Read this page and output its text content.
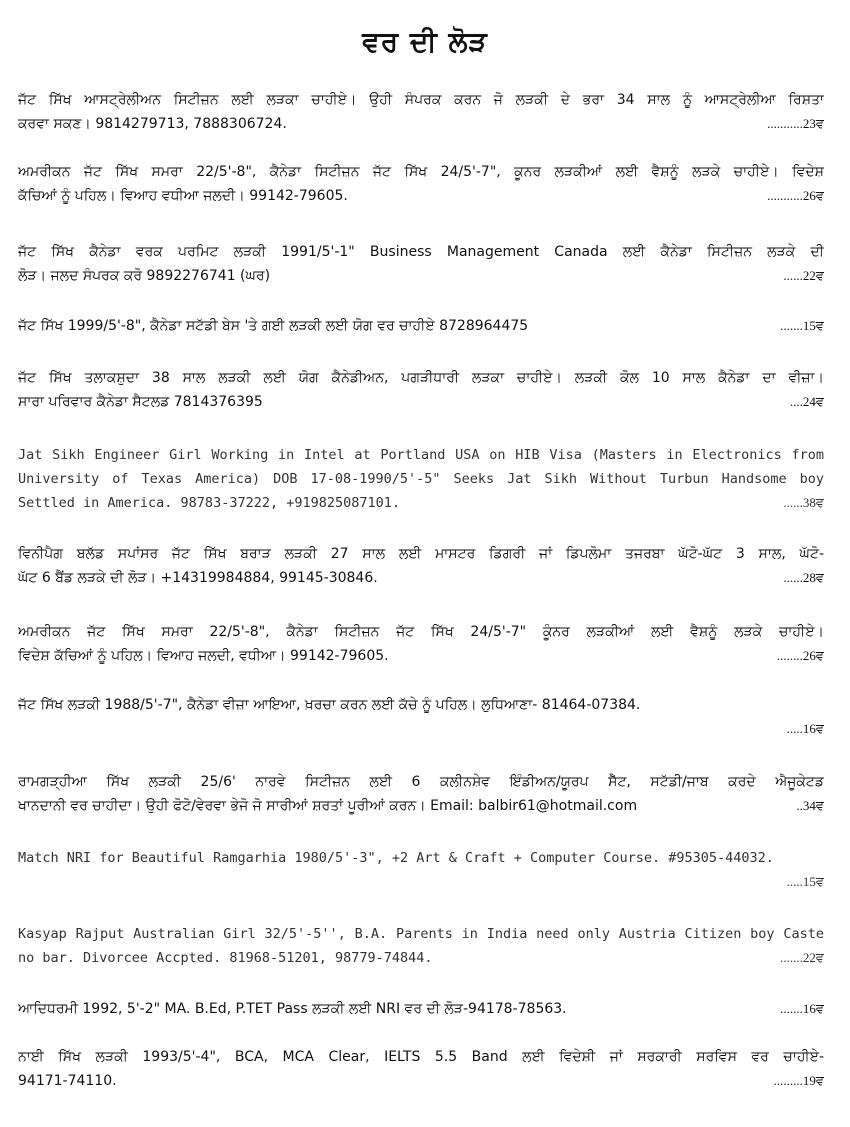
ਵਰ ਦੀ ਲੋੜ
ਜੱਟ ਸਿੱਖ ਆਸਟ੍ਰੇਲੀਅਨ ਸਿਟੀਜ਼ਨ ਲਈ ਲੜਕਾ ਚਾਹੀਏ। ਉਹੀ ਸੰਪਰਕ ਕਰਨ ਜੋ ਲੜਕੀ ਦੇ ਭਰਾ 34 ਸਾਲ ਨੂੰ ਆਸਟ੍ਰੇਲੀਆ ਰਿਸ਼ਤਾ
ਕਰਵਾ ਸਕਣ। 9814279713, 7888306724.	...........23ਵ
ਅਮਰੀਕਨ ਜੱਟ ਸਿੱਖ ਸਮਰਾ 22/5'-8", ਕੈਨੇਡਾ ਸਿਟੀਜ਼ਨ ਜੱਟ ਸਿੱਖ 24/5'-7", ਕੂਨਰ ਲੜਕੀਆਂ ਲਈ ਵੈਸ਼ਨੂੰ ਲੜਕੇ ਚਾਹੀਏ। ਵਿਦੇਸ਼
ਕੱਚਿਆਂ ਨੂੰ ਪਹਿਲ। ਵਿਆਹ ਵਧੀਆ ਜਲਦੀ। 99142-79605.	...........26ਵ
ਜੱਟ ਸਿੱਖ ਕੈਨੇਡਾ ਵਰਕ ਪਰਮਿਟ ਲੜਕੀ 1991/5'-1" Business Management Canada ਲਈ ਕੈਨੇਡਾ ਸਿਟੀਜ਼ਨ ਲੜਕੇ ਦੀ
ਲੋੜ। ਜਲਦ ਸੰਪਰਕ ਕਰੋ 9892276741 (ਘਰ)	......22ਵ
ਜੱਟ ਸਿੱਖ 1999/5'-8", ਕੈਨੇਡਾ ਸਟੱਡੀ ਬੇਸ 'ਤੇ ਗਈ ਲੜਕੀ ਲਈ ਯੋਗ ਵਰ ਚਾਹੀਏ 8728964475	.......15ਵ
ਜੱਟ ਸਿੱਖ ਤਲਾਕਸ਼ੁਦਾ 38 ਸਾਲ ਲੜਕੀ ਲਈ ਯੋਗ ਕੈਨੇਡੀਅਨ, ਪਗੜੀਧਾਰੀ ਲੜਕਾ ਚਾਹੀਏ। ਲੜਕੀ ਕੋਲ 10 ਸਾਲ ਕੈਨੇਡਾ ਦਾ ਵੀਜ਼ਾ।
ਸਾਰਾ ਪਰਿਵਾਰ ਕੈਨੇਡਾ ਸੈਟਲਡ 7814376395	....24ਵ
Jat Sikh Engineer Girl Working in Intel at Portland USA on HIB Visa (Masters in Electronics from
University of Texas America) DOB 17-08-1990/5'-5" Seeks Jat Sikh Without Turbun Handsome boy
Settled in America. 98783-37222, +919825087101.	......38ਵ
ਵਿਨੀਪੈਗ ਬਲੱਡ ਸਪਾਂਸਰ ਜੱਟ ਸਿੱਖ ਬਰਾੜ ਲੜਕੀ 27 ਸਾਲ ਲਈ ਮਾਸਟਰ ਡਿਗਰੀ ਜਾਂ ਡਿਪਲੋਮਾ ਤਜਰਬਾ ਘੱਟੋ-ਘੱਟ 3 ਸਾਲ, ਘੱਟੋ-
ਘੱਟ 6 ਬੈਂਡ ਲੜਕੇ ਦੀ ਲੋੜ। +14319984884, 99145-30846.	......28ਵ
ਅਮਰੀਕਨ ਜੱਟ ਸਿੱਖ ਸਮਰਾ 22/5'-8", ਕੈਨੇਡਾ ਸਿਟੀਜ਼ਨ ਜੱਟ ਸਿੱਖ 24/5'-7" ਕੂੰਨਰ ਲੜਕੀਆਂ ਲਈ ਵੈਸ਼ਨੂੰ ਲੜਕੇ ਚਾਹੀਏ।
ਵਿਦੇਸ਼ ਕੱਚਿਆਂ ਨੂੰ ਪਹਿਲ। ਵਿਆਹ ਜਲਦੀ, ਵਧੀਆ। 99142-79605.	........26ਵ
ਜੱਟ ਸਿੱਖ ਲੜਕੀ 1988/5'-7", ਕੈਨੇਡਾ ਵੀਜ਼ਾ ਆਇਆ, ਖ਼ਰਚਾ ਕਰਨ ਲਈ ਕੱਚੇ ਨੂੰ ਪਹਿਲ। ਲੁਧਿਆਣਾ- 81464-07384.
.....16ਵ
ਰਾਮਗੜ੍ਹੀਆ ਸਿੱਖ ਲੜਕੀ 25/6' ਨਾਰਵੇ ਸਿਟੀਜ਼ਨ ਲਈ 6 ਕਲੀਨਸ਼ੇਵ ਇੰਡੀਅਨ/ਯੂਰਪ ਸੈੱਟ, ਸਟੱਡੀ/ਜਾਬ ਕਰਦੇ ਐਜੂਕੇਟਡ
ਖਾਨਦਾਨੀ ਵਰ ਚਾਹੀਦਾ। ਉਹੀ ਫੋਟੋ/ਵੇਰਵਾ ਭੇਜੋ ਜੋ ਸਾਰੀਆਂ ਸ਼ਰਤਾਂ ਪੂਰੀਆਂ ਕਰਨ। Email: balbir61@hotmail.com	..34ਵ
Match NRI for Beautiful Ramgarhia 1980/5'-3", +2 Art & Craft + Computer Course. #95305-44032.
.....15ਵ
Kasyap Rajput Australian Girl 32/5'-5'', B.A. Parents in India need only Austria Citizen boy Caste
no bar. Divorcee Accpted. 81968-51201, 98779-74844.	.......22ਵ
ਆਦਿਧਰਮੀ 1992, 5'-2" MA. B.Ed, P.TET Pass ਲੜਕੀ ਲਈ NRI ਵਰ ਦੀ ਲੋੜ-94178-78563.	.......16ਵ
ਨਾਈ ਸਿੱਖ ਲੜਕੀ 1993/5'-4", BCA, MCA Clear, IELTS 5.5 Band ਲਈ ਵਿਦੇਸ਼ੀ ਜਾਂ ਸਰਕਾਰੀ ਸਰਵਿਸ ਵਰ ਚਾਹੀਏ-
94171-74110.	.........19ਵ
